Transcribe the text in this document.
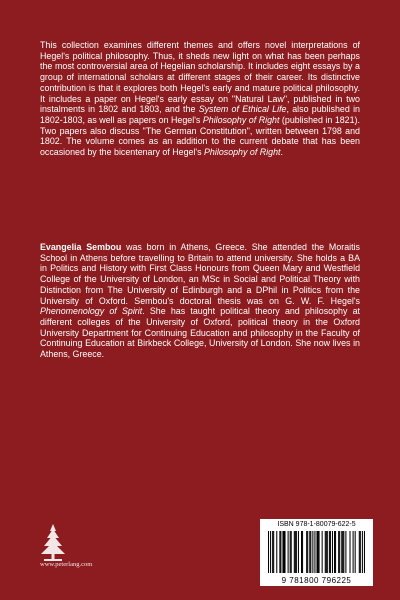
This collection examines different themes and offers novel interpretations of Hegel's political philosophy. Thus, it sheds new light on what has been perhaps the most controversial area of Hegelian scholarship. It includes eight essays by a group of international scholars at different stages of their career. Its distinctive contribution is that it explores both Hegel's early and mature political philosophy. It includes a paper on Hegel's early essay on "Natural Law", published in two instalments in 1802 and 1803, and the System of Ethical Life, also published in 1802-1803, as well as papers on Hegel's Philosophy of Right (published in 1821). Two papers also discuss "The German Constitution", written between 1798 and 1802. The volume comes as an addition to the current debate that has been occasioned by the bicentenary of Hegel's Philosophy of Right.

Evangelia Sembou was born in Athens, Greece. She attended the Moraitis School in Athens before travelling to Britain to attend university. She holds a BA in Politics and History with First Class Honours from Queen Mary and Westfield College of the University of London, an MSc in Social and Political Theory with Distinction from The University of Edinburgh and a DPhil in Politics from the University of Oxford. Sembou's doctoral thesis was on G. W. F. Hegel's Phenomenology of Spirit. She has taught political theory and philosophy at different colleges of the University of Oxford, political theory in the Oxford University Department for Continuing Education and philosophy in the Faculty of Continuing Education at Birkbeck College, University of London. She now lives in Athens, Greece.

www.peterlang.com
ISBN 978-1-80079-622-5
9 781800 796225
